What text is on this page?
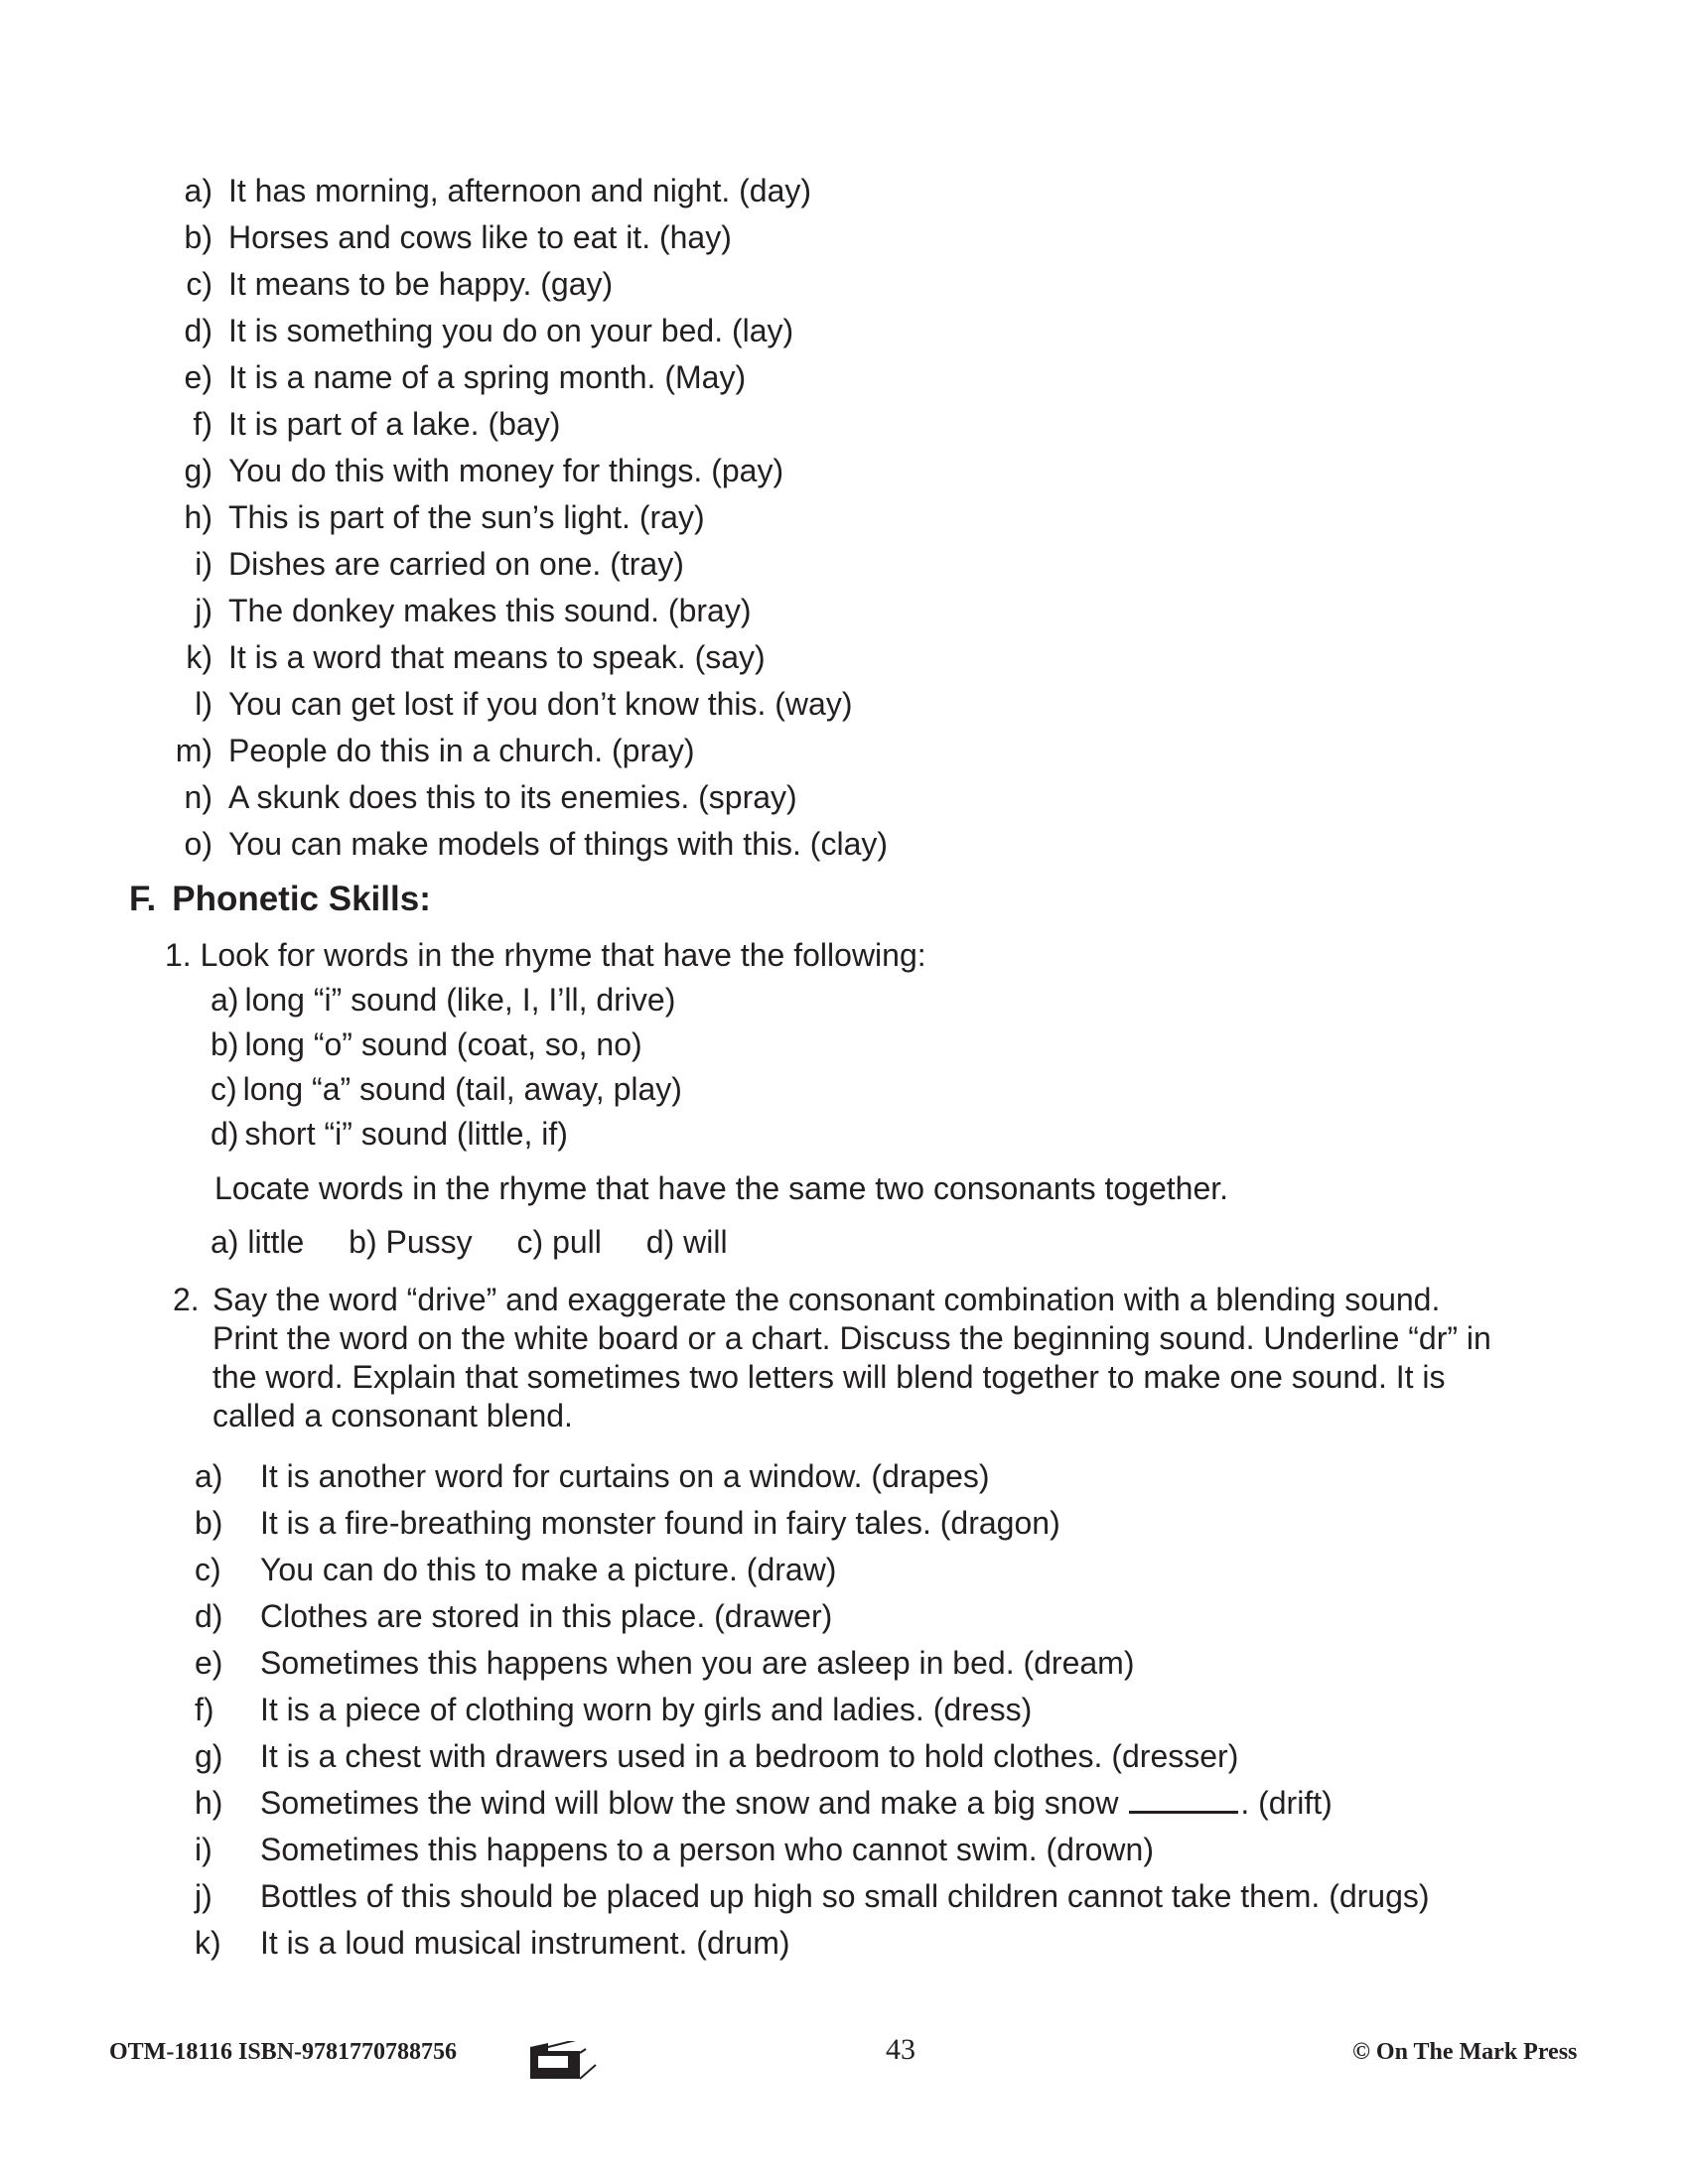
a) It has morning, afternoon and night. (day)
b) Horses and cows like to eat it. (hay)
c) It means to be happy. (gay)
d) It is something you do on your bed. (lay)
e) It is a name of a spring month. (May)
f) It is part of a lake. (bay)
g) You do this with money for things. (pay)
h) This is part of the sun’s light. (ray)
i) Dishes are carried on one. (tray)
j) The donkey makes this sound. (bray)
k) It is a word that means to speak. (say)
l) You can get lost if you don’t know this. (way)
m) People do this in a church. (pray)
n) A skunk does this to its enemies. (spray)
o) You can make models of things with this. (clay)
F. Phonetic Skills:
1. Look for words in the rhyme that have the following:
a) long “i” sound (like, I, I’ll, drive)
b) long “o” sound (coat, so, no)
c) long “a” sound (tail, away, play)
d) short “i” sound (little, if)
Locate words in the rhyme that have the same two consonants together.
a) little b) Pussy c) pull d) will
2. Say the word “drive” and exaggerate the consonant combination with a blending sound.
Print the word on the white board or a chart. Discuss the beginning sound. Underline “dr” in
the word. Explain that sometimes two letters will blend together to make one sound. It is
called a consonant blend.
a) It is another word for curtains on a window. (drapes)
b) It is a fire-breathing monster found in fairy tales. (dragon)
c) You can do this to make a picture. (draw)
d) Clothes are stored in this place. (drawer)
e) Sometimes this happens when you are asleep in bed. (dream)
f) It is a piece of clothing worn by girls and ladies. (dress)
g) It is a chest with drawers used in a bedroom to hold clothes. (dresser)
h) Sometimes the wind will blow the snow and make a big snow	. (drift)
i) Sometimes this happens to a person who cannot swim. (drown)
j) Bottles of this should be placed up high so small children cannot take them. (drugs)
k) It is a loud musical instrument. (drum)
OTM-18116 ISBN-9781770788756	43	© On The Mark Press
